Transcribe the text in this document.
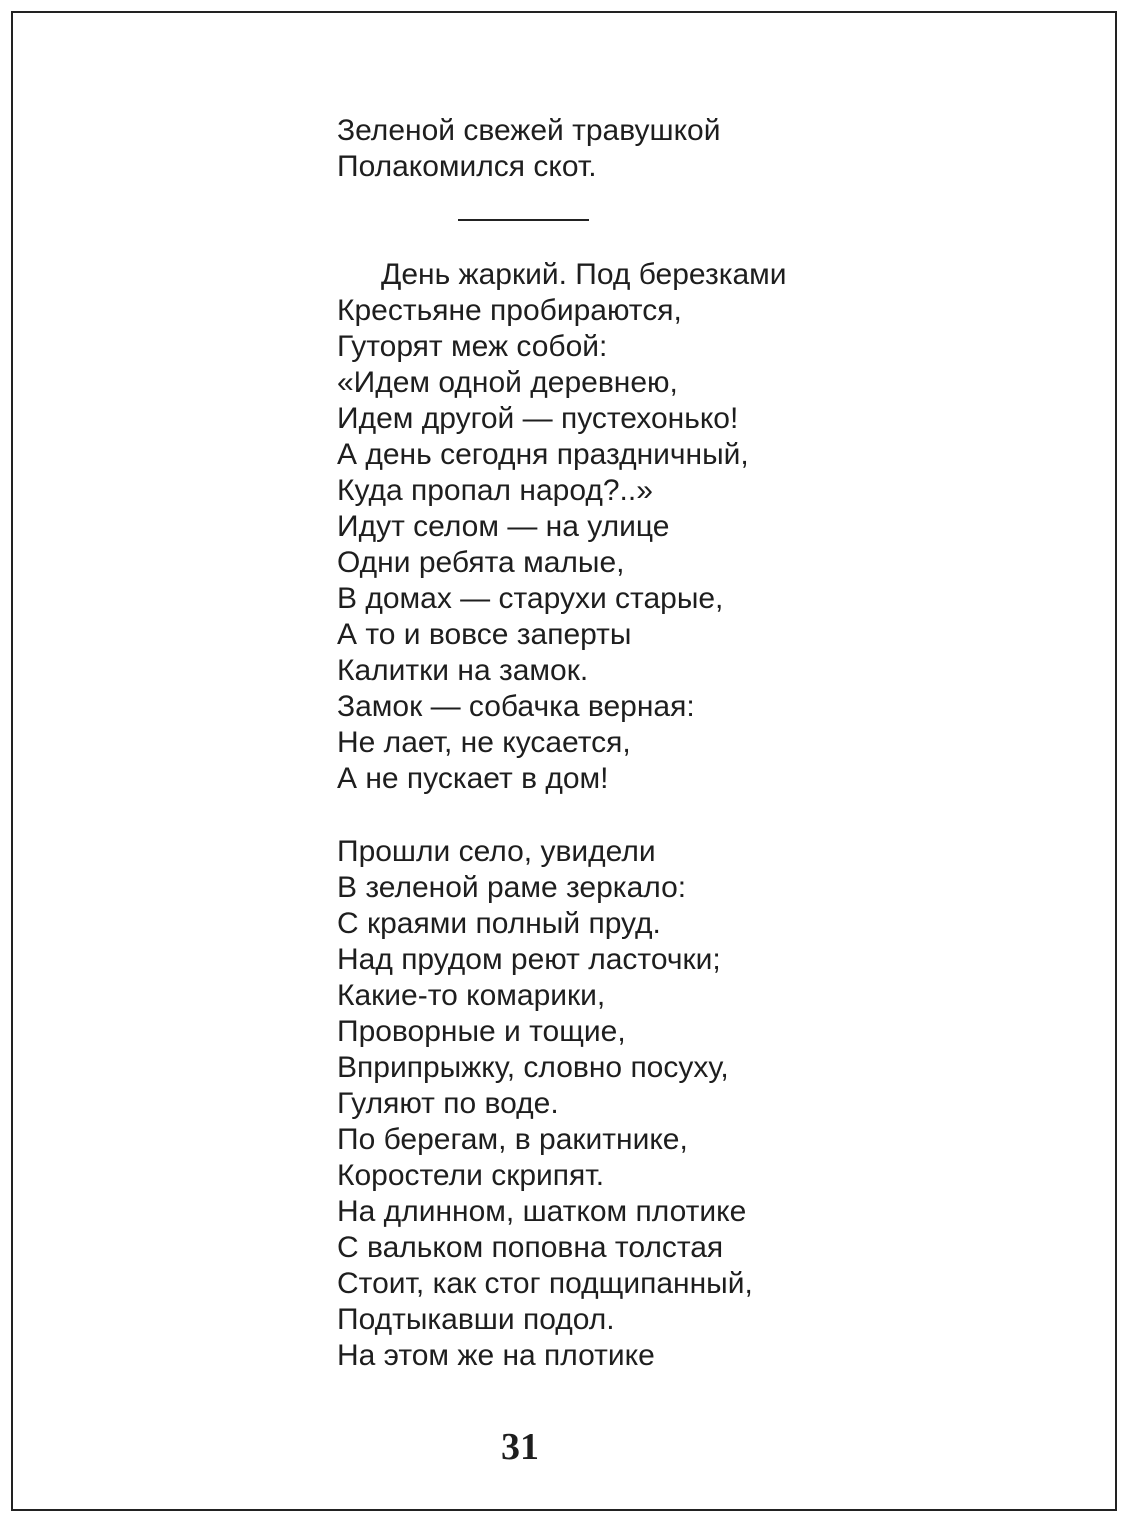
Зеленой свежей травушкой
Полакомился скот.
День жаркий. Под березками
Крестьяне пробираются,
Гуторят меж собой:
«Идем одной деревнею,
Идем другой — пустехонько!
А день сегодня праздничный,
Куда пропал народ?..»
Идут селом — на улице
Одни ребята малые,
В домах — старухи старые,
А то и вовсе заперты
Калитки на замок.
Замок — собачка верная:
Не лает, не кусается,
А не пускает в дом!
Прошли село, увидели
В зеленой раме зеркало:
С краями полный пруд.
Над прудом реют ласточки;
Какие-то комарики,
Проворные и тощие,
Вприпрыжку, словно посуху,
Гуляют по воде.
По берегам, в ракитнике,
Коростели скрипят.
На длинном, шатком плотике
С вальком поповна толстая
Стоит, как стог подщипанный,
Подтыкавши подол.
На этом же на плотике
31
